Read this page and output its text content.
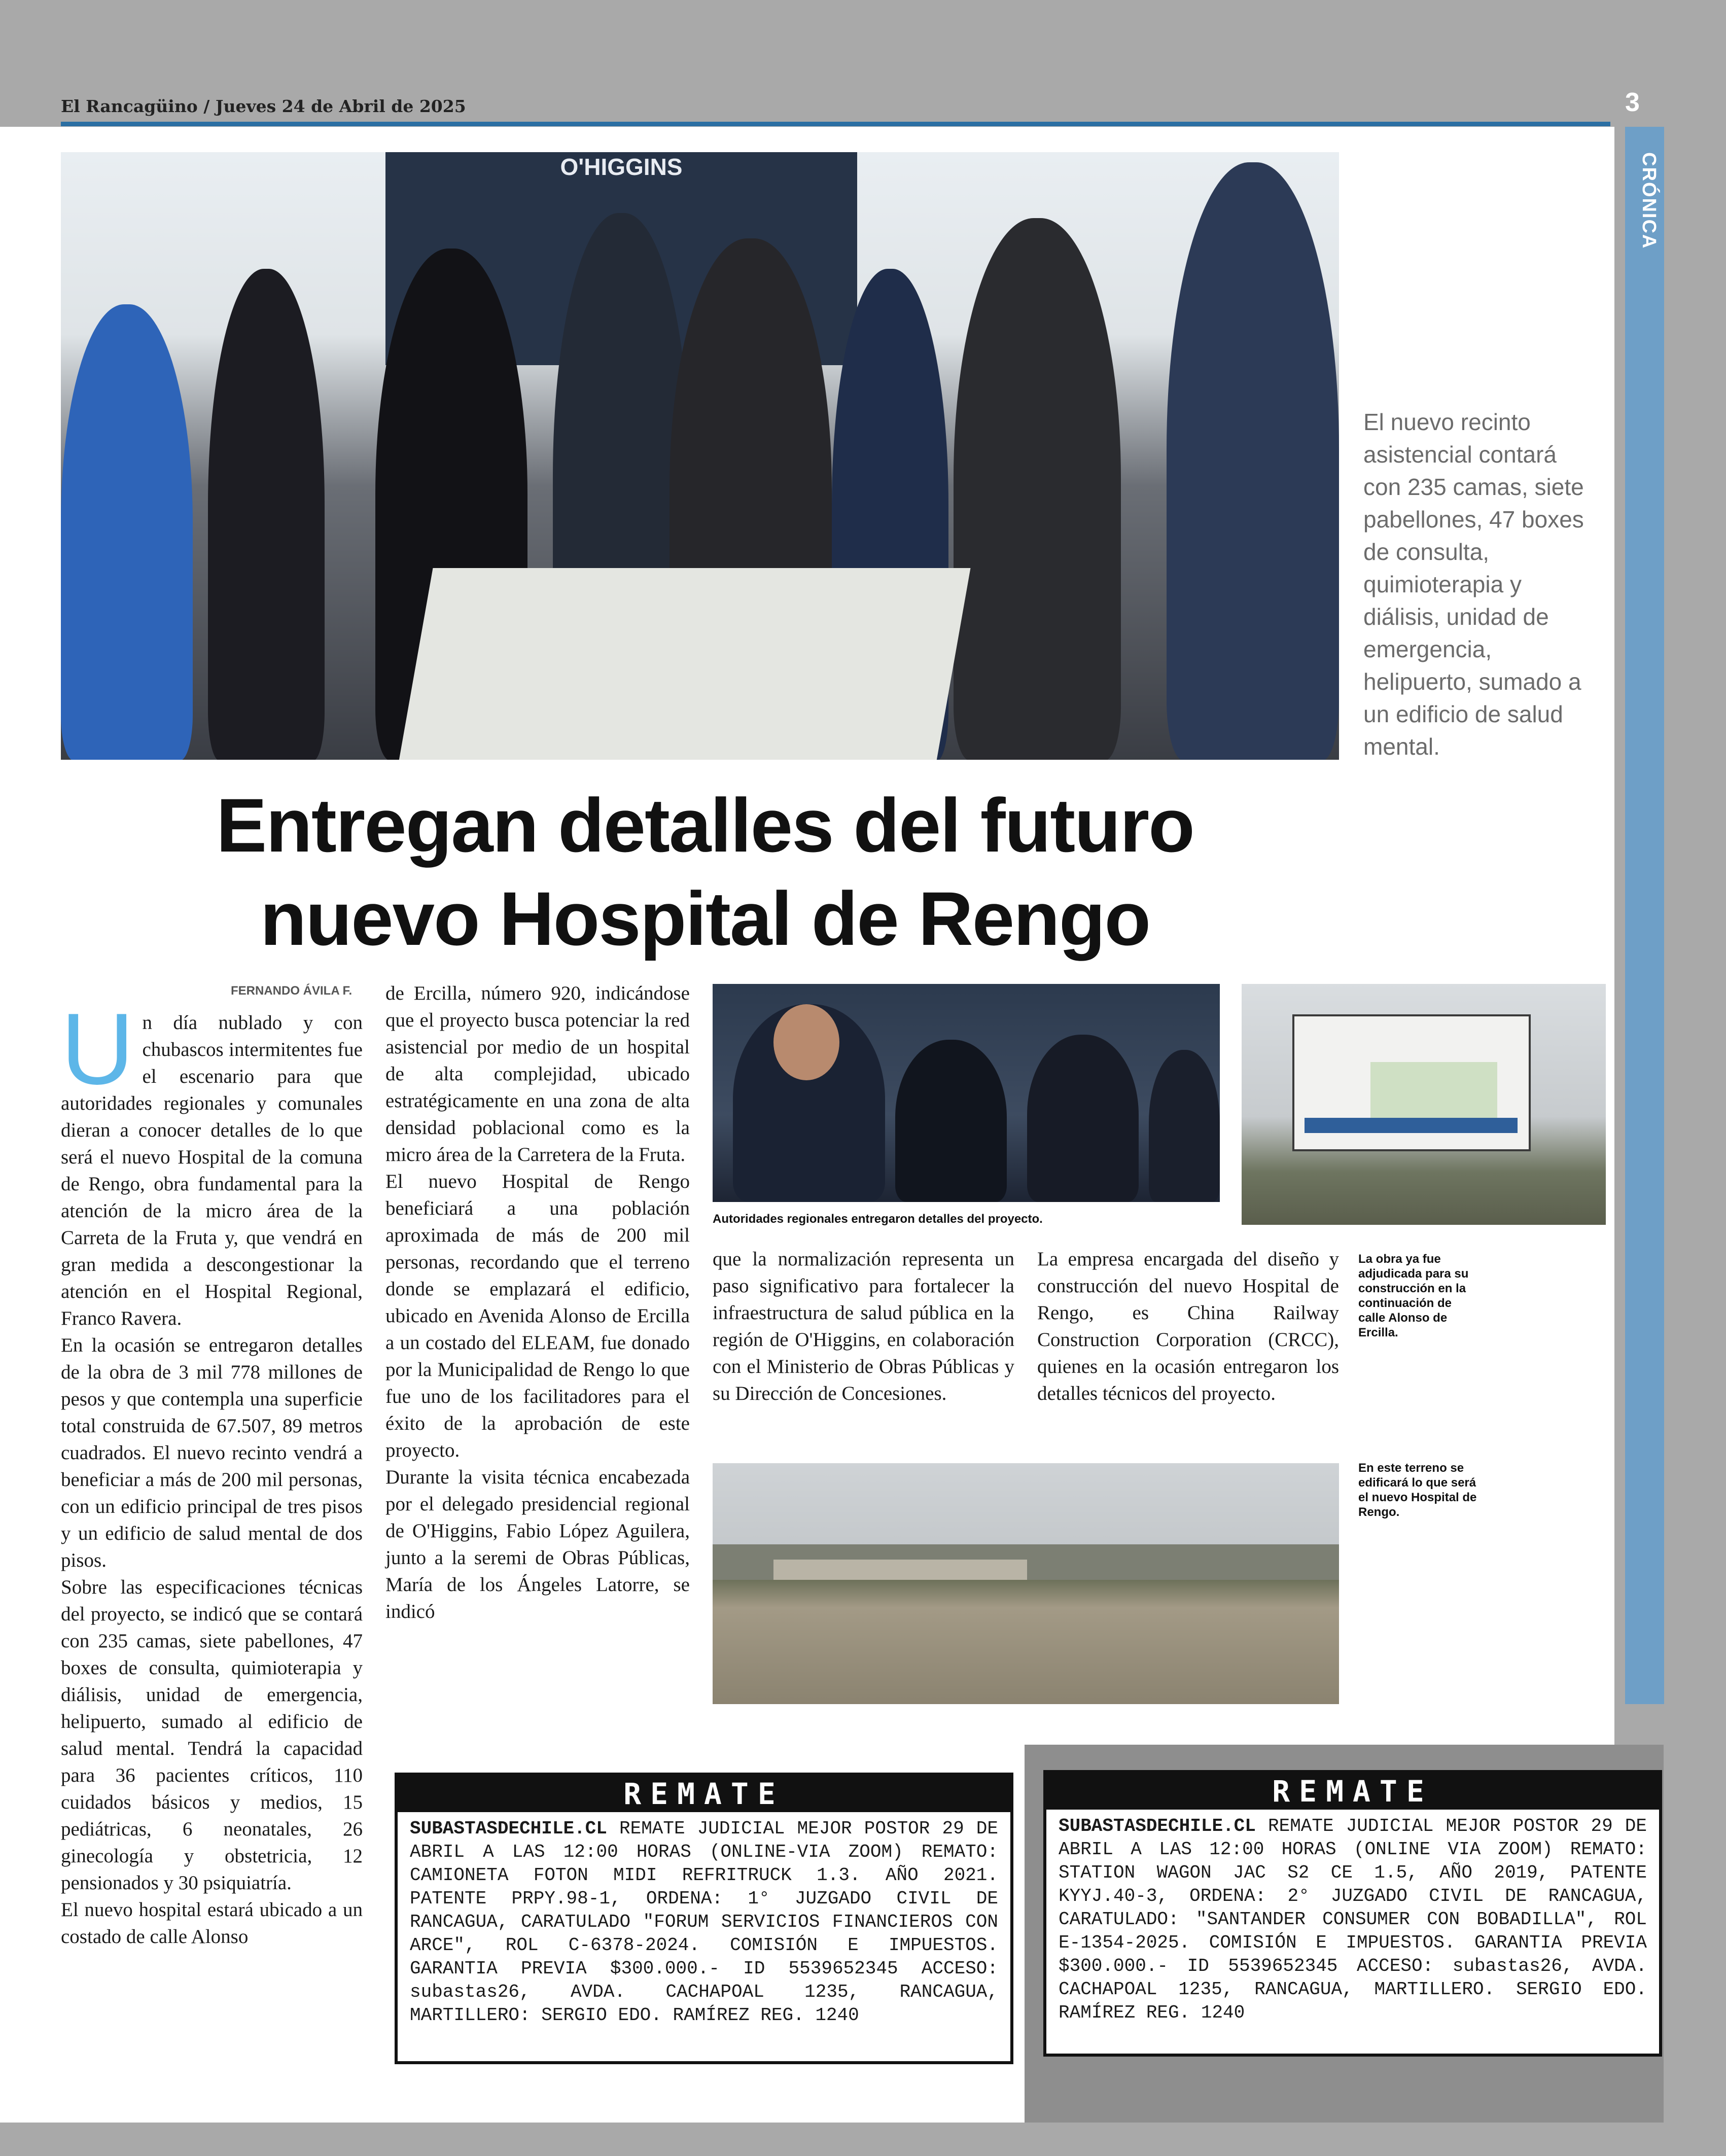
El Rancagüino / Jueves 24 de Abril de 2025	3
CRÓNICA
O'HIGGINS
El nuevo recinto asistencial contará con 235 camas, siete pabellones, 47 boxes de consulta, quimioterapia y diálisis, unidad de emergencia, helipuerto, sumado a un edificio de salud mental.
Entregan detalles del futuro
nuevo Hospital de Rengo
FERNANDO ÁVILA F.

Un día nublado y con chubascos intermitentes fue el escenario para que autoridades regionales y comunales dieran a conocer detalles de lo que será el nuevo Hospital de la comuna de Rengo, obra fundamental para la atención de la micro área de la Carreta de la Fruta y, que vendrá en gran medida a descongestionar la atención en el Hospital Regional, Franco Ravera.

En la ocasión se entregaron detalles de la obra de 3 mil 778 millones de pesos y que contempla una superficie total construida de 67.507, 89 metros cuadrados. El nuevo recinto vendrá a beneficiar a más de 200 mil personas, con un edificio principal de tres pisos y un edificio de salud mental de dos pisos.

Sobre las especificaciones técnicas del proyecto, se indicó que se contará con 235 camas, siete pabellones, 47 boxes de consulta, quimioterapia y diálisis, unidad de emergencia, helipuerto, sumado al edificio de salud mental. Tendrá la capacidad para 36 pacientes críticos, 110 cuidados básicos y medios, 15 pediátricas, 6 neonatales, 26 ginecología y obstetricia, 12 pensionados y 30 psiquiatría.

El nuevo hospital estará ubicado a un costado de calle Alonso

de Ercilla, número 920, indicándose que el proyecto busca potenciar la red asistencial por medio de un hospital de alta complejidad, ubicado estratégicamente en una zona de alta densidad poblacional como es la micro área de la Carretera de la Fruta.

El nuevo Hospital de Rengo beneficiará a una población aproximada de más de 200 mil personas, recordando que el terreno donde se emplazará el edificio, ubicado en Avenida Alonso de Ercilla a un costado del ELEAM, fue donado por la Municipalidad de Rengo lo que fue uno de los facilitadores para el éxito de la aprobación de este proyecto.

Durante la visita técnica encabezada por el delegado presidencial regional de O'Higgins, Fabio López Aguilera, junto a la seremi de Obras Públicas, María de los Ángeles Latorre, se indicó

Autoridades regionales entregaron detalles del proyecto.
La obra ya fue adjudicada para su construcción en la continuación de calle Alonso de Ercilla.

que la normalización representa un paso significativo para fortalecer la infraestructura de salud pública en la región de O'Higgins, en colaboración con el Ministerio de Obras Públicas y su Dirección de Concesiones.

La empresa encargada del diseño y construcción del nuevo Hospital de Rengo, es China Railway Construction Corporation (CRCC), quienes en la ocasión entregaron los detalles técnicos del proyecto.

En este terreno se edificará lo que será el nuevo Hospital de Rengo.
REMATE
SUBASTASDECHILE.CL REMATE JUDICIAL MEJOR POSTOR 29 DE ABRIL A LAS 12:00 HORAS (ONLINE-VIA ZOOM) REMATO: CAMIONETA FOTON MIDI REFRITRUCK 1.3. AÑO 2021. PATENTE PRPY.98-1, ORDENA: 1° JUZGADO CIVIL DE RANCAGUA, CARATULADO "FORUM SERVICIOS FINANCIEROS CON ARCE", ROL C-6378-2024. COMISIÓN E IMPUESTOS. GARANTIA PREVIA $300.000.- ID 5539652345 ACCESO: subastas26, AVDA. CACHAPOAL 1235, RANCAGUA, MARTILLERO: SERGIO EDO. RAMÍREZ REG. 1240
REMATE
SUBASTASDECHILE.CL REMATE JUDICIAL MEJOR POSTOR 29 DE ABRIL A LAS 12:00 HORAS (ONLINE VIA ZOOM) REMATO: STATION WAGON JAC S2 CE 1.5, AÑO 2019, PATENTE KYYJ.40-3, ORDENA: 2° JUZGADO CIVIL DE RANCAGUA, CARATULADO: "SANTANDER CONSUMER CON BOBADILLA", ROL E-1354-2025. COMISIÓN E IMPUESTOS. GARANTIA PREVIA $300.000.- ID 5539652345 ACCESO: subastas26, AVDA. CACHAPOAL 1235, RANCAGUA, MARTILLERO. SERGIO EDO. RAMÍREZ REG. 1240
